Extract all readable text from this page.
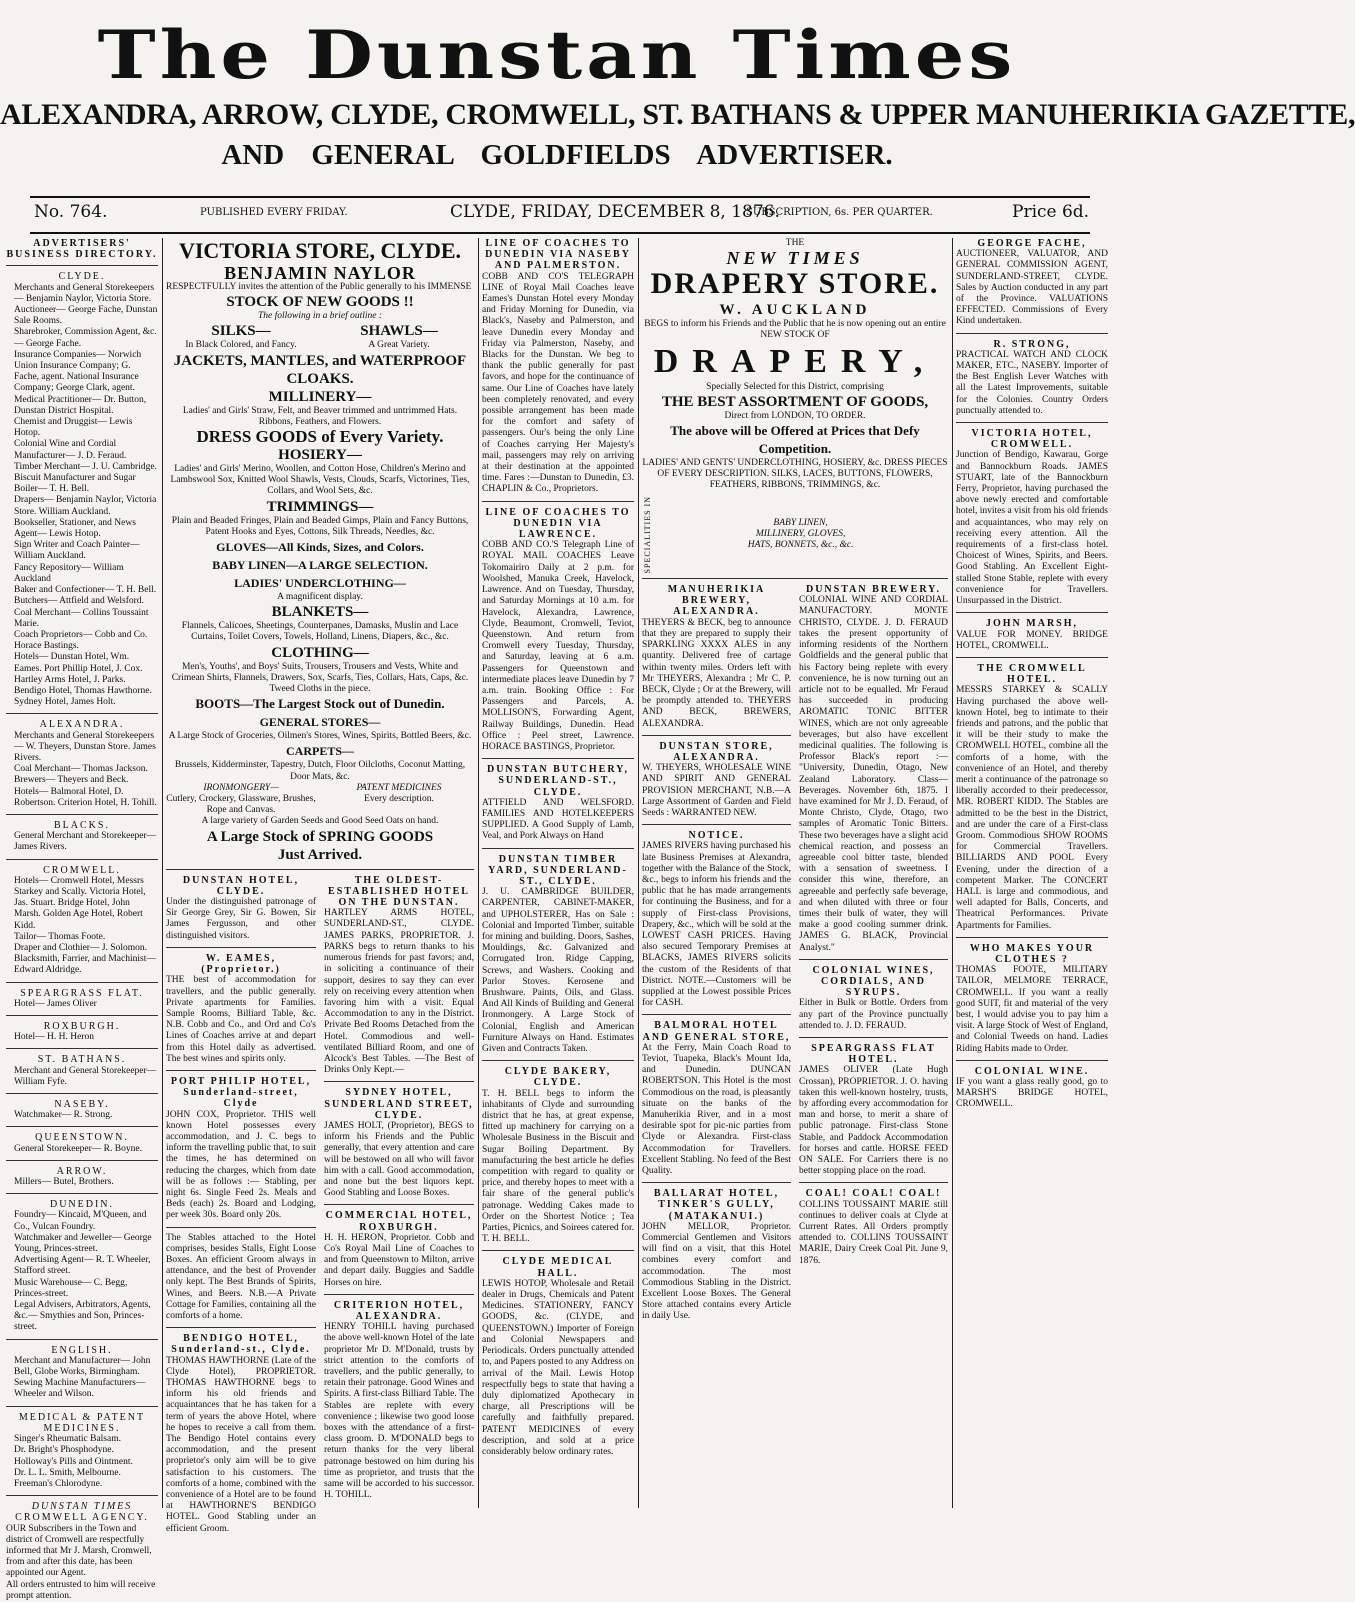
The Dunstan Times
ALEXANDRA, ARROW, CLYDE, CROMWELL, ST. BATHANS & UPPER MANUHERIKIA GAZETTE,
AND GENERAL GOLDFIELDS ADVERTISER.
No. 764.	PUBLISHED EVERY FRIDAY.	CLYDE, FRIDAY, DECEMBER 8, 1876.
SUBSCRIPTION, 6s. PER QUARTER.	Price 6d.

ADVERTISERS' BUSINESS DIRECTORY.

CLYDE.

Merchants and General Storekeepers— Benjamin Naylor, Victoria Store.

Auctioneer— George Fache, Dunstan Sale Rooms.

Sharebroker, Commission Agent, &c.— George Fache.

Insurance Companies— Norwich Union Insurance Company; G. Fache, agent. National Insurance Company; George Clark, agent.

Medical Practitioner— Dr. Button, Dunstan District Hospital.

Chemist and Druggist— Lewis Hotop.

Colonial Wine and Cordial Manufacturer— J. D. Feraud.

Timber Merchant— J. U. Cambridge.

Biscuit Manufacturer and Sugar Boiler— T. H. Bell.

Drapers— Benjamin Naylor, Victoria Store. William Auckland.

Bookseller, Stationer, and News Agent— Lewis Hotop.

Sign Writer and Coach Painter— William Auckland.

Fancy Repository— William Auckland

Baker and Confectioner— T. H. Bell.

Butchers— Attfield and Welsford.

Coal Merchant— Collins Toussaint Marie.

Coach Proprietors— Cobb and Co. Horace Bastings.

Hotels— Dunstan Hotel, Wm. Eames. Port Phillip Hotel, J. Cox. Hartley Arms Hotel, J. Parks. Bendigo Hotel, Thomas Hawthorne. Sydney Hotel, James Holt.

ALEXANDRA.

Merchants and General Storekeepers— W. Theyers, Dunstan Store. James Rivers.

Coal Merchant— Thomas Jackson.

Brewers— Theyers and Beck.

Hotels— Balmoral Hotel, D. Robertson. Criterion Hotel, H. Tohill.

BLACKS.

General Merchant and Storekeeper— James Rivers.

CROMWELL.

Hotels— Cromwell Hotel, Messrs Starkey and Scally. Victoria Hotel, Jas. Stuart. Bridge Hotel, John Marsh. Golden Age Hotel, Robert Kidd.

Tailor— Thomas Foote.

Draper and Clothier— J. Solomon.

Blacksmith, Farrier, and Machinist— Edward Aldridge.

SPEARGRASS FLAT.

Hotel— James Oliver

ROXBURGH.

Hotel— H. H. Heron

ST. BATHANS.

Merchant and General Storekeeper— William Fyfe.

NASEBY.

Watchmaker— R. Strong.

QUEENSTOWN.

General Storekeeper— R. Boyne.

ARROW.

Millers— Butel, Brothers.

DUNEDIN.

Foundry— Kincaid, M'Queen, and Co., Vulcan Foundry.

Watchmaker and Jeweller— George Young, Princes-street.

Advertising Agent— R. T. Wheeler, Stafford street.

Music Warehouse— C. Begg, Princes-street.

Legal Advisers, Arbitrators, Agents, &c.— Smythies and Son, Princes-street.

ENGLISH.

Merchant and Manufacturer— John Bell, Globe Works, Birmingham.

Sewing Machine Manufacturers— Wheeler and Wilson.

MEDICAL & PATENT MEDICINES.

Singer's Rheumatic Balsam.

Dr. Bright's Phosphodyne.

Holloway's Pills and Ointment.

Dr. L. L. Smith, Melbourne.

Freeman's Chlorodyne.

DUNSTAN TIMES

CROMWELL AGENCY.

OUR Subscribers in the Town and district of Cromwell are respectfully informed that Mr J. Marsh, Cromwell, from and after this date, has been appointed our Agent.

All orders entrusted to him will receive prompt attention.

VICTORIA STORE, CLYDE.

BENJAMIN NAYLOR

RESPECTFULLY invites the attention of the Public generally to his IMMENSE

STOCK OF NEW GOODS !!

The following in a brief outline :

SILKS—

In Black Colored, and Fancy.

SHAWLS—

A Great Variety.

JACKETS, MANTLES, and WATERPROOF CLOAKS.

MILLINERY—

Ladies' and Girls' Straw, Felt, and Beaver trimmed and untrimmed Hats. Ribbons, Feathers, and Flowers.

DRESS GOODS of Every Variety.

HOSIERY—

Ladies' and Girls' Merino, Woollen, and Cotton Hose, Children's Merino and Lambswool Sox, Knitted Wool Shawls, Vests, Clouds, Scarfs, Victorines, Ties, Collars, and Wool Sets, &c.

TRIMMINGS—

Plain and Beaded Fringes, Plain and Beaded Gimps, Plain and Fancy Buttons, Patent Hooks and Eyes, Cottons, Silk Threads, Needles, &c.

GLOVES—All Kinds, Sizes, and Colors.

BABY LINEN—A LARGE SELECTION.

LADIES' UNDERCLOTHING—

A magnificent display.

BLANKETS—

Flannels, Calicoes, Sheetings, Counterpanes, Damasks, Muslin and Lace Curtains, Toilet Covers, Towels, Holland, Linens, Diapers, &c., &c.

CLOTHING—

Men's, Youths', and Boys' Suits, Trousers, Trousers and Vests, White and Crimean Shirts, Flannels, Drawers, Sox, Scarfs, Ties, Collars, Hats, Caps, &c. Tweed Cloths in the piece.

BOOTS—The Largest Stock out of Dunedin.

GENERAL STORES—

A Large Stock of Groceries, Oilmen's Stores, Wines, Spirits, Bottled Beers, &c.

CARPETS—

Brussels, Kidderminster, Tapestry, Dutch, Floor Oilcloths, Coconut Matting, Door Mats, &c.

IRONMONGERY—

Cutlery, Crockery, Glassware, Brushes, Rope and Canvas.

PATENT MEDICINES

Every description.

A large variety of Garden Seeds and Good Seed Oats on hand.

A Large Stock of SPRING GOODS

Just Arrived.

DUNSTAN HOTEL, CLYDE.

Under the distinguished patronage of Sir George Grey, Sir G. Bowen, Sir James Fergusson, and other distinguished visitors.

W. EAMES, (Proprietor.)

THE best of accommodation for travellers, and the public generally. Private apartments for Families. Sample Rooms, Billiard Table, &c. N.B. Cobb and Co., and Ord and Co's Lines of Coaches arrive at and depart from this Hotel daily as advertised. The best wines and spirits only.

PORT PHILIP HOTEL, Sunderland-street, Clyde

JOHN COX, Proprietor. THIS well known Hotel possesses every accommodation, and J. C. begs to inform the travelling public that, to suit the times, he has determined on reducing the charges, which from date will be as follows :— Stabling, per night 6s. Single Feed 2s. Meals and Beds (each) 2s. Board and Lodging, per week 30s. Board only 20s.

The Stables attached to the Hotel comprises, besides Stalls, Eight Loose Boxes. An efficient Groom always in attendance, and the best of Provender only kept. The Best Brands of Spirits, Wines, and Beers. N.B.—A Private Cottage for Families, containing all the comforts of a home.

BENDIGO HOTEL, Sunderland-st., Clyde.

THOMAS HAWTHORNE (Late of the Clyde Hotel), PROPRIETOR. THOMAS HAWTHORNE begs to inform his old friends and acquaintances that he has taken for a term of years the above Hotel, where he hopes to receive a call from them. The Bendigo Hotel contains every accommodation, and the present proprietor's only aim will be to give satisfaction to his customers. The comforts of a home, combined with the convenience of a Hotel are to be found at HAWTHORNE'S BENDIGO HOTEL. Good Stabling under an efficient Groom.

THE OLDEST-ESTABLISHED HOTEL ON THE DUNSTAN.

HARTLEY ARMS HOTEL, SUNDERLAND-ST., CLYDE. JAMES PARKS, PROPRIETOR. J. PARKS begs to return thanks to his numerous friends for past favors; and, in soliciting a continuance of their support, desires to say they can ever rely on receiving every attention when favoring him with a visit. Equal Accommodation to any in the District. Private Bed Rooms Detached from the Hotel. Commodious and well-ventilated Billiard Room, and one of Alcock's Best Tables. —The Best of Drinks Only Kept.—

SYDNEY HOTEL, SUNDERLAND STREET, CLYDE.

JAMES HOLT, (Proprietor), BEGS to inform his Friends and the Public generally, that every attention and care will be bestowed on all who will favor him with a call. Good accommodation, and none but the best liquors kept. Good Stabling and Loose Boxes.

COMMERCIAL HOTEL, ROXBURGH.

H. H. HERON, Proprietor. Cobb and Co's Royal Mail Line of Coaches to and from Queenstown to Milton, arrive and depart daily. Buggies and Saddle Horses on hire.

CRITERION HOTEL, ALEXANDRA.

HENRY TOHILL having purchased the above well-known Hotel of the late proprietor Mr D. M'Donald, trusts by strict attention to the comforts of travellers, and the public generally, to retain their patronage. Good Wines and Spirits. A first-class Billiard Table. The Stables are replete with every convenience ; likewise two good loose boxes with the attendance of a first-class groom. D. M'DONALD begs to return thanks for the very liberal patronage bestowed on him during his time as proprietor, and trusts that the same will be accorded to his successor. H. TOHILL.

LINE OF COACHES TO DUNEDIN VIA NASEBY AND PALMERSTON.

COBB AND CO'S TELEGRAPH LINE of Royal Mail Coaches leave Eames's Dunstan Hotel every Monday and Friday Morning for Dunedin, via Black's, Naseby and Palmerston, and leave Dunedin every Monday and Friday via Palmerston, Naseby, and Blacks for the Dunstan. We beg to thank the public generally for past favors, and hope for the continuance of same. Our Line of Coaches have lately been completely renovated, and every possible arrangement has been made for the comfort and safety of passengers. Our's being the only Line of Coaches carrying Her Majesty's mail, passengers may rely on arriving at their destination at the appointed time. Fares :—Dunstan to Dunedin, £3. CHAPLIN & Co., Proprietors.

LINE OF COACHES TO DUNEDIN VIA LAWRENCE.

COBB AND CO.'S Telegraph Line of ROYAL MAIL COACHES Leave Tokomairiro Daily at 2 p.m. for Woolshed, Manuka Creek, Havelock, Lawrence. And on Tuesday, Thursday, and Saturday Mornings at 10 a.m. for Havelock, Alexandra, Lawrence, Clyde, Beaumont, Cromwell, Teviot, Queenstown. And return from Cromwell every Tuesday, Thursday, and Saturday, leaving at 6 a.m. Passengers for Queenstown and intermediate places leave Dunedin by 7 a.m. train. Booking Office : For Passengers and Parcels, A. MOLLISON'S, Forwarding Agent, Railway Buildings, Dunedin. Head Office : Peel street, Lawrence. HORACE BASTINGS, Proprietor.

DUNSTAN BUTCHERY, SUNDERLAND-ST., CLYDE.

ATTFIELD AND WELSFORD. FAMILIES AND HOTELKEEPERS SUPPLIED. A Good Supply of Lamb, Veal, and Pork Always on Hand

DUNSTAN TIMBER YARD, SUNDERLAND-ST., CLYDE.

J. U. CAMBRIDGE BUILDER, CARPENTER, CABINET-MAKER, and UPHOLSTERER, Has on Sale : Colonial and Imported Timber, suitable for mining and building. Doors, Sashes, Mouldings, &c. Galvanized and Corrugated Iron. Ridge Capping, Screws, and Washers. Cooking and Parlor Stoves. Kerosene and Brushware. Paints, Oils, and Glass. And All Kinds of Building and General Ironmongery. A Large Stock of Colonial, English and American Furniture Always on Hand. Estimates Given and Contracts Taken.

CLYDE BAKERY, CLYDE.

T. H. BELL begs to inform the inhabitants of Clyde and surrounding district that he has, at great expense, fitted up machinery for carrying on a Wholesale Business in the Biscuit and Sugar Boiling Department. By manufacturing the best article he defies competition with regard to quality or price, and thereby hopes to meet with a fair share of the general public's patronage. Wedding Cakes made to Order on the Shortest Notice ; Tea Parties, Picnics, and Soirees catered for. T. H. BELL.

CLYDE MEDICAL HALL.

LEWIS HOTOP, Wholesale and Retail dealer in Drugs, Chemicals and Patent Medicines. STATIONERY, FANCY GOODS, &c. (CLYDE, and QUEENSTOWN.) Importer of Foreign and Colonial Newspapers and Periodicals. Orders punctually attended to, and Papers posted to any Address on arrival of the Mail. Lewis Hotop respectfully begs to state that having a duly diplomatized Apothecary in charge, all Prescriptions will be carefully and faithfully prepared. PATENT MEDICINES of every description, and sold at a price considerably below ordinary rates.

THE

NEW TIMES

DRAPERY STORE.

W. AUCKLAND

BEGS to inform his Friends and the Public that he is now opening out an entire

NEW STOCK OF

DRAPERY,

Specially Selected for this District, comprising

THE BEST ASSORTMENT OF GOODS,

Direct from LONDON, TO ORDER.

The above will be Offered at Prices that Defy Competition.

LADIES' AND GENTS' UNDERCLOTHING, HOSIERY, &c. DRESS PIECES OF EVERY DESCRIPTION. SILKS, LACES, BUTTONS, FLOWERS, FEATHERS, RIBBONS, TRIMMINGS, &c.

SPECIALITIES IN	BABY LINEN,

MILLINERY, GLOVES,

HATS, BONNETS, &c., &c.

MANUHERIKIA BREWERY, ALEXANDRA.

THEYERS & BECK, beg to announce that they are prepared to supply their SPARKLING XXXX ALES in any quantity. Delivered free of cartage within twenty miles. Orders left with Mr THEYERS, Alexandra ; Mr C. P. BECK, Clyde ; Or at the Brewery, will be promptly attended to. THEYERS AND BECK, BREWERS, ALEXANDRA.

DUNSTAN STORE, ALEXANDRA.

W. THEYERS, WHOLESALE WINE AND SPIRIT AND GENERAL PROVISION MERCHANT, N.B.—A Large Assortment of Garden and Field Seeds : WARRANTED NEW.

NOTICE.

JAMES RIVERS having purchased his late Business Premises at Alexandra, together with the Balance of the Stock, &c., begs to inform his friends and the public that he has made arrangements for continuing the Business, and for a supply of First-class Provisions, Drapery, &c., which will be sold at the LOWEST CASH PRICES. Having also secured Temporary Premises at BLACKS, JAMES RIVERS solicits the custom of the Residents of that District. NOTE.—Customers will be supplied at the Lowest possible Prices for CASH.

BALMORAL HOTEL AND GENERAL STORE,

At the Ferry, Main Coach Road to Teviot, Tuapeka, Black's Mount Ida, and Dunedin. DUNCAN ROBERTSON. This Hotel is the most Commodious on the road, is pleasantly situate on the banks of the Manuherikia River, and in a most desirable spot for pic-nic parties from Clyde or Alexandra. First-class Accommodation for Travellers. Excellent Stabling. No feed of the Best Quality.

BALLARAT HOTEL, TINKER'S GULLY, (MATAKANUI.)

JOHN MELLOR, Proprietor. Commercial Gentlemen and Visitors will find on a visit, that this Hotel combines every comfort and accommodation. The most Commodious Stabling in the District. Excellent Loose Boxes. The General Store attached contains every Article in daily Use.

DUNSTAN BREWERY.

COLONIAL WINE AND CORDIAL MANUFACTORY. MONTE CHRISTO, CLYDE. J. D. FERAUD takes the present opportunity of informing residents of the Northern Goldfields and the general public that his Factory being replete with every convenience, he is now turning out an article not to be equalled. Mr Feraud has succeeded in producing AROMATIC TONIC BITTER WINES, which are not only agreeable beverages, but also have excellent medicinal qualities. The following is Professor Black's report :— "University, Dunedin, Otago, New Zealand Laboratory. Class—Beverages. November 6th, 1875. I have examined for Mr J. D. Feraud, of Monte Christo, Clyde, Otago, two samples of Aromatic Tonic Bitters. These two beverages have a slight acid chemical reaction, and possess an agreeable cool bitter taste, blended with a sensation of sweetness. I consider this wine, therefore, an agreeable and perfectly safe beverage, and when diluted with three or four times their bulk of water, they will make a good cooling summer drink. JAMES G. BLACK, Provincial Analyst."

COLONIAL WINES, CORDIALS, AND SYRUPS.

Either in Bulk or Bottle. Orders from any part of the Province punctually attended to. J. D. FERAUD.

SPEARGRASS FLAT HOTEL.

JAMES OLIVER (Late Hugh Crossan), PROPRIETOR. J. O. having taken this well-known hostelry, trusts, by affording every accommodation for man and horse, to merit a share of public patronage. First-class Stone Stable, and Paddock Accommodation for horses and cattle. HORSE FEED ON SALE. For Carriers there is no better stopping place on the road.

COAL! COAL! COAL!

COLLINS TOUSSAINT MARIE still continues to deliver coals at Clyde at Current Rates. All Orders promptly attended to. COLLINS TOUSSAINT MARIE, Dairy Creek Coal Pit. June 9, 1876.

GEORGE FACHE,

AUCTIONEER, VALUATOR, AND GENERAL COMMISSION AGENT, SUNDERLAND-STREET, CLYDE. Sales by Auction conducted in any part of the Province. VALUATIONS EFFECTED. Commissions of Every Kind undertaken.

R. STRONG,

PRACTICAL WATCH AND CLOCK MAKER, ETC., NASEBY. Importer of the Best English Lever Watches with all the Latest Improvements, suitable for the Colonies. Country Orders punctually attended to.

VICTORIA HOTEL, CROMWELL.

Junction of Bendigo, Kawarau, Gorge and Bannockburn Roads. JAMES STUART, late of the Bannockburn Ferry, Proprietor, having purchased the above newly erected and comfortable hotel, invites a visit from his old friends and acquaintances, who may rely on receiving every attention. All the requirements of a first-class hotel. Choicest of Wines, Spirits, and Beers. Good Stabling. An Excellent Eight-stalled Stone Stable, replete with every convenience for Travellers. Unsurpassed in the District.

JOHN MARSH,

VALUE FOR MONEY. BRIDGE HOTEL, CROMWELL.

THE CROMWELL HOTEL.

MESSRS STARKEY & SCALLY Having purchased the above well-known Hotel, beg to intimate to their friends and patrons, and the public that it will be their study to make the CROMWELL HOTEL, combine all the comforts of a home, with the convenience of an Hotel, and thereby merit a continuance of the patronage so liberally accorded to their predecessor, MR. ROBERT KIDD. The Stables are admitted to be the best in the District, and are under the care of a First-class Groom. Commodious SHOW ROOMS for Commercial Travellers. BILLIARDS AND POOL Every Evening, under the direction of a competent Marker. The CONCERT HALL is large and commodious, and well adapted for Balls, Concerts, and Theatrical Performances. Private Apartments for Families.

WHO MAKES YOUR CLOTHES ?

THOMAS FOOTE, MILITARY TAILOR, MELMORE TERRACE, CROMWELL. If you want a really good SUIT, fit and material of the very best, I would advise you to pay him a visit. A large Stock of West of England, and Colonial Tweeds on hand. Ladies Riding Habits made to Order.

COLONIAL WINE.

IF you want a glass really good, go to MARSH'S BRIDGE HOTEL, CROMWELL.
